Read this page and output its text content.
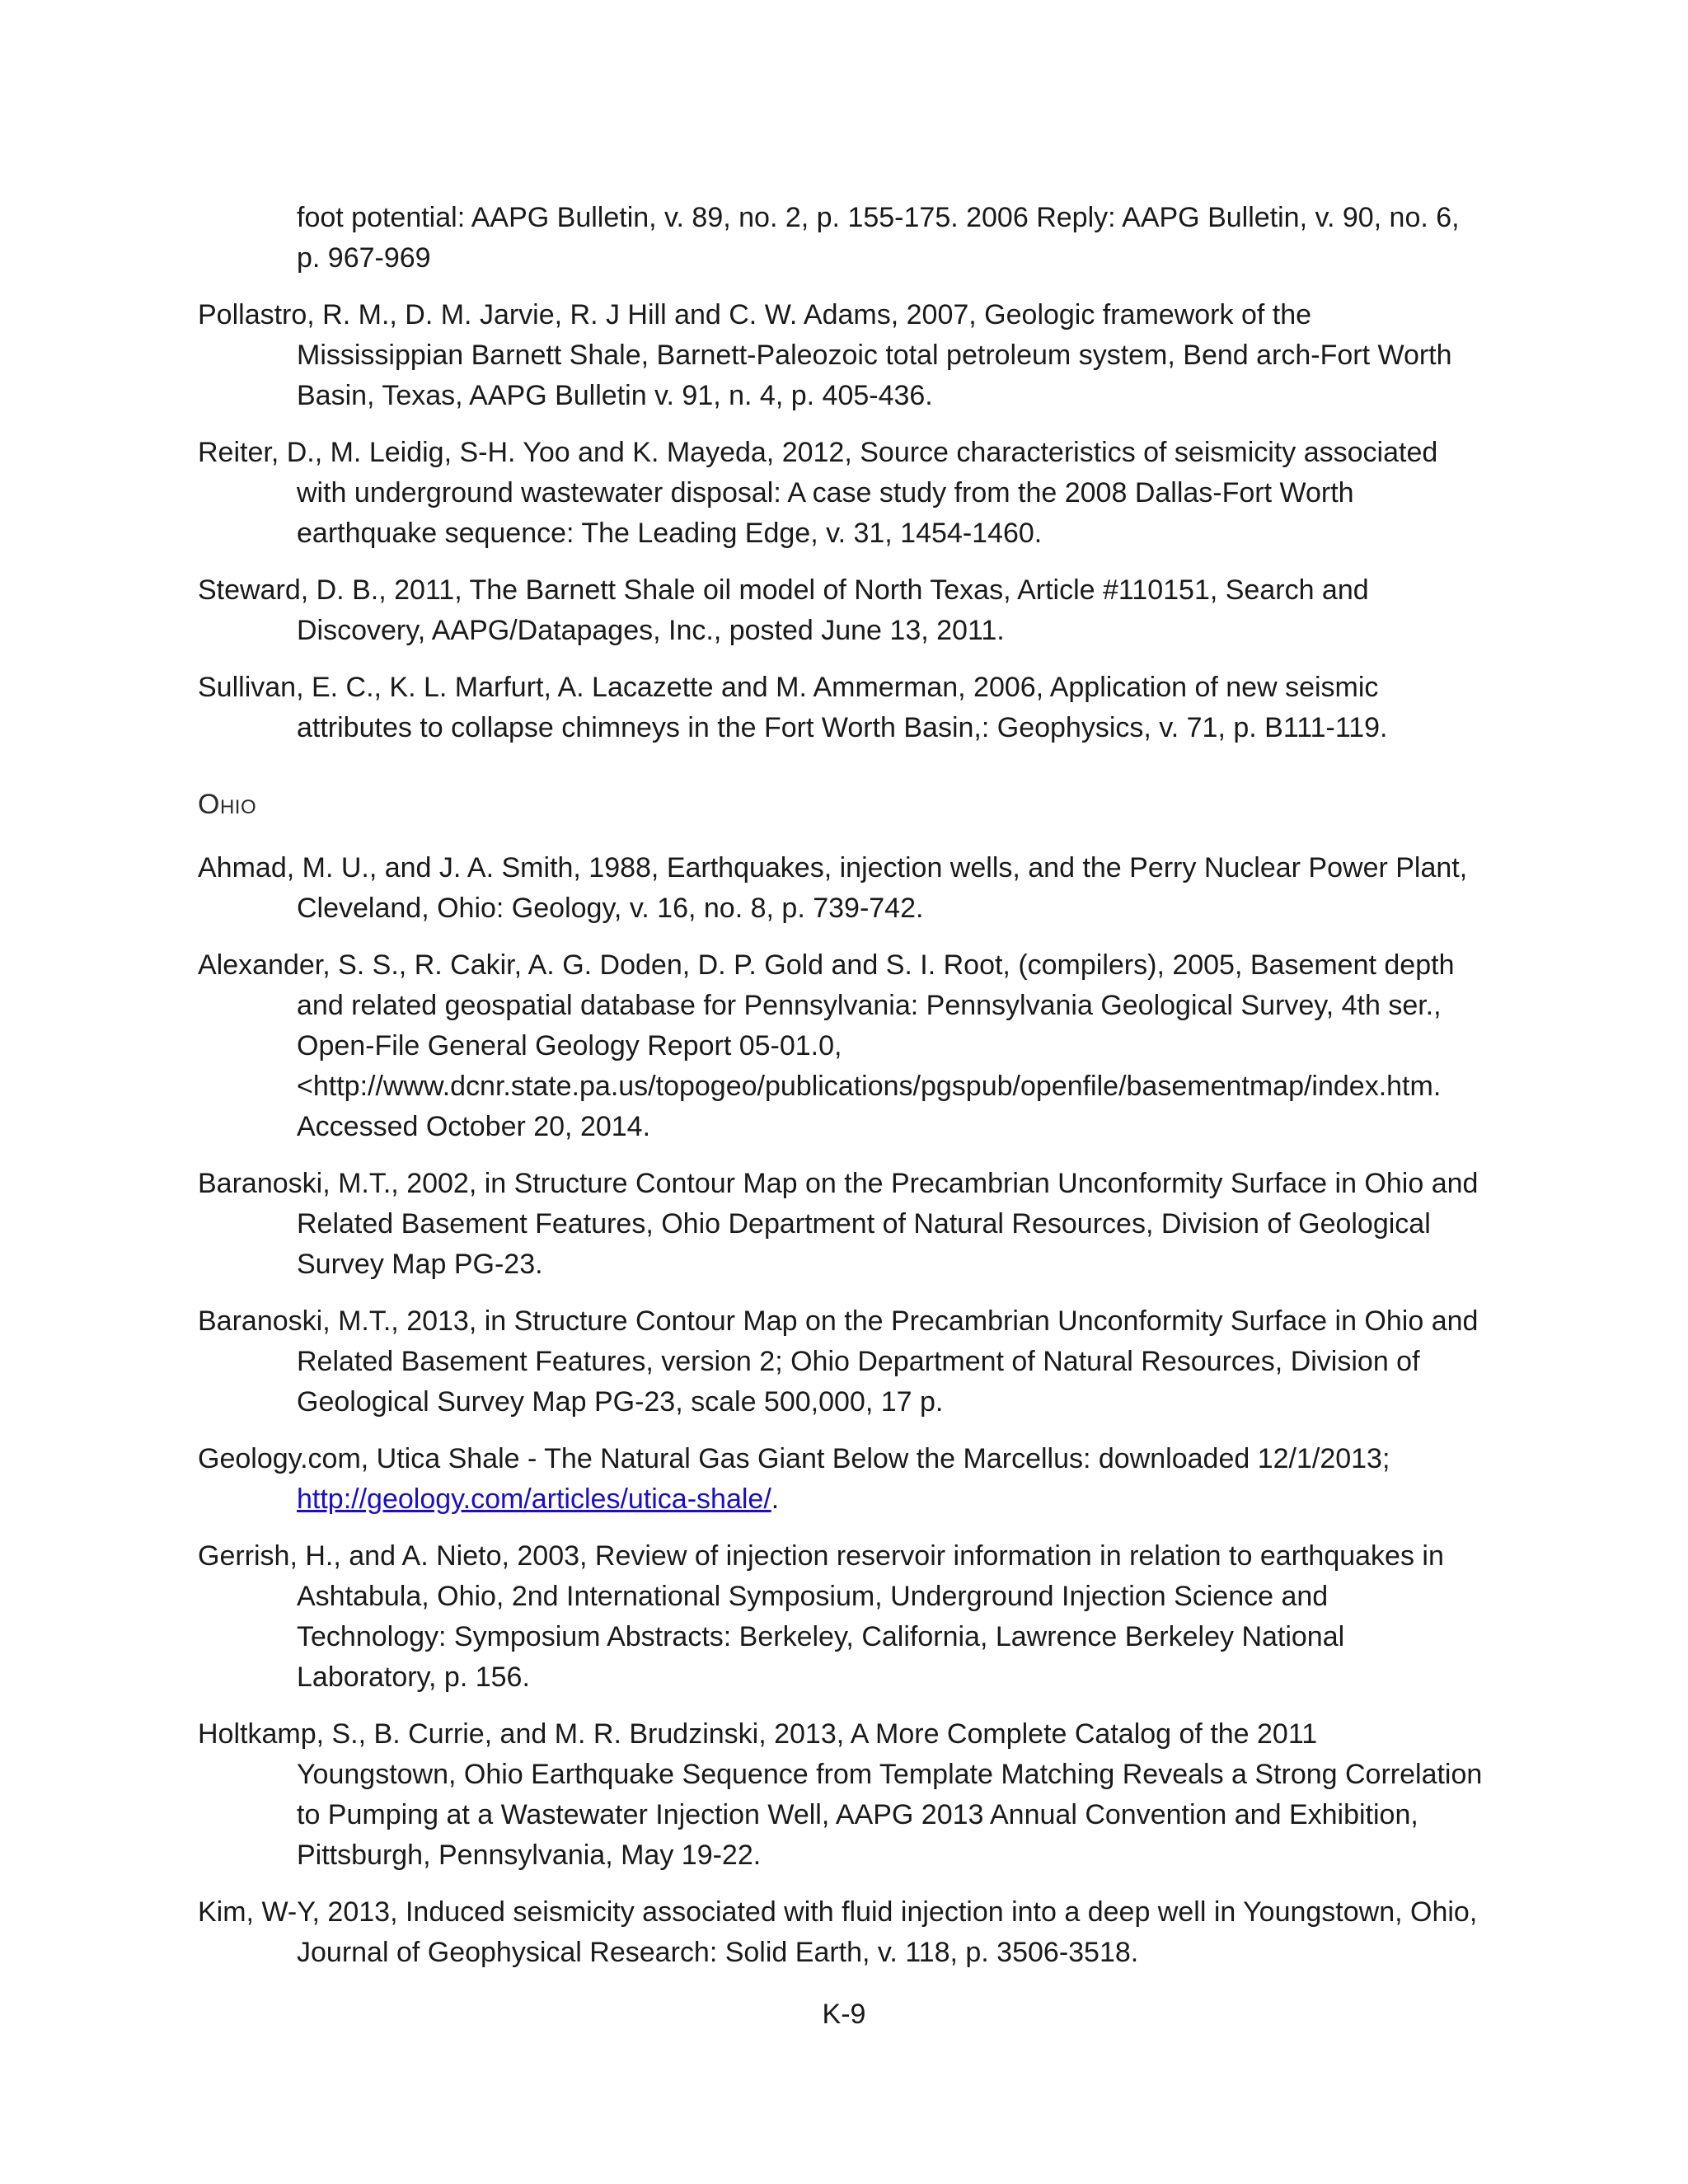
foot potential: AAPG Bulletin, v. 89, no. 2, p. 155-175. 2006 Reply: AAPG Bulletin, v. 90, no. 6, p. 967-969

Pollastro, R. M., D. M. Jarvie, R. J Hill and C. W. Adams, 2007, Geologic framework of the Mississippian Barnett Shale, Barnett-Paleozoic total petroleum system, Bend arch-Fort Worth Basin, Texas, AAPG Bulletin v. 91, n. 4, p. 405-436.

Reiter, D., M. Leidig, S-H. Yoo and K. Mayeda, 2012, Source characteristics of seismicity associated with underground wastewater disposal: A case study from the 2008 Dallas-Fort Worth earthquake sequence: The Leading Edge, v. 31, 1454-1460.

Steward, D. B., 2011, The Barnett Shale oil model of North Texas, Article #110151, Search and Discovery, AAPG/Datapages, Inc., posted June 13, 2011.

Sullivan, E. C., K. L. Marfurt, A. Lacazette and M. Ammerman, 2006, Application of new seismic attributes to collapse chimneys in the Fort Worth Basin,: Geophysics, v. 71, p. B111-119.

Ohio

Ahmad, M. U., and J. A. Smith, 1988, Earthquakes, injection wells, and the Perry Nuclear Power Plant, Cleveland, Ohio: Geology, v. 16, no. 8, p. 739-742.

Alexander, S. S., R. Cakir, A. G. Doden, D. P. Gold and S. I. Root, (compilers), 2005, Basement depth and related geospatial database for Pennsylvania: Pennsylvania Geological Survey, 4th ser., Open-File General Geology Report 05-01.0, <http://www.dcnr.state.pa.us/topogeo/publications/pgspub/openfile/basementmap/index.htm. Accessed October 20, 2014.

Baranoski, M.T., 2002, in Structure Contour Map on the Precambrian Unconformity Surface in Ohio and Related Basement Features, Ohio Department of Natural Resources, Division of Geological Survey Map PG-23.

Baranoski, M.T., 2013, in Structure Contour Map on the Precambrian Unconformity Surface in Ohio and Related Basement Features, version 2; Ohio Department of Natural Resources, Division of Geological Survey Map PG-23, scale 500,000, 17 p.

Geology.com, Utica Shale - The Natural Gas Giant Below the Marcellus: downloaded 12/1/2013; http://geology.com/articles/utica-shale/.

Gerrish, H., and A. Nieto, 2003, Review of injection reservoir information in relation to earthquakes in Ashtabula, Ohio, 2nd International Symposium, Underground Injection Science and Technology: Symposium Abstracts: Berkeley, California, Lawrence Berkeley National Laboratory, p. 156.

Holtkamp, S., B. Currie, and M. R. Brudzinski, 2013, A More Complete Catalog of the 2011 Youngstown, Ohio Earthquake Sequence from Template Matching Reveals a Strong Correlation to Pumping at a Wastewater Injection Well, AAPG 2013 Annual Convention and Exhibition, Pittsburgh, Pennsylvania, May 19-22.

Kim, W-Y, 2013, Induced seismicity associated with fluid injection into a deep well in Youngstown, Ohio, Journal of Geophysical Research: Solid Earth, v. 118, p. 3506-3518.

K-9
